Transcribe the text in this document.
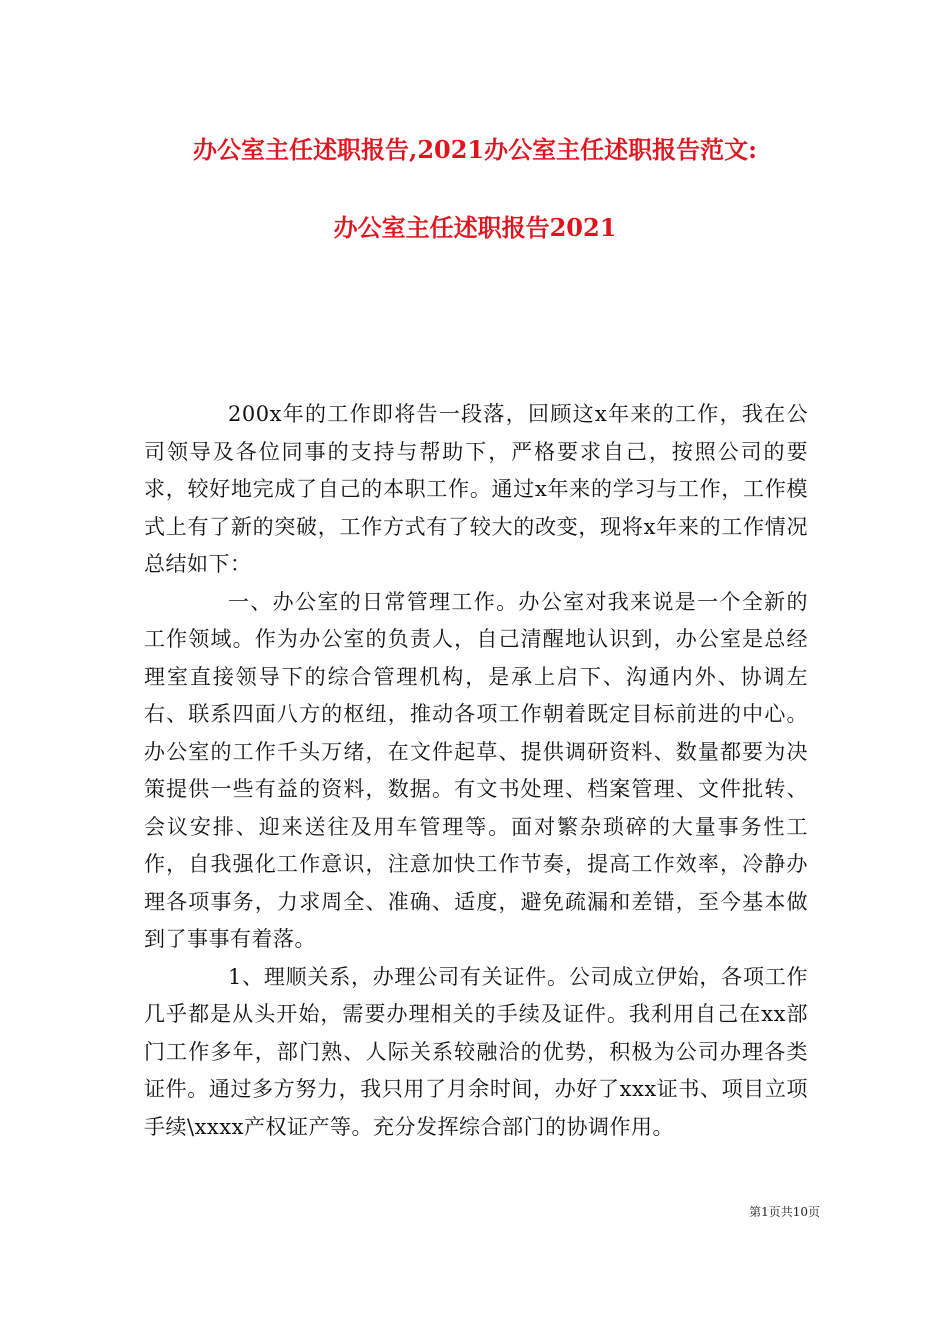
办公室主任述职报告,2021办公室主任述职报告范文:
办公室主任述职报告2021

200x年的工作即将告一段落，回顾这x年来的工作，我在公司领导及各位同事的支持与帮助下，严格要求自己，按照公司的要求，较好地完成了自己的本职工作。通过x年来的学习与工作，工作模式上有了新的突破，工作方式有了较大的改变，现将x年来的工作情况总结如下：

一、办公室的日常管理工作。办公室对我来说是一个全新的工作领域。作为办公室的负责人，自己清醒地认识到，办公室是总经理室直接领导下的综合管理机构，是承上启下、沟通内外、协调左右、联系四面八方的枢纽，推动各项工作朝着既定目标前进的中心。办公室的工作千头万绪，在文件起草、提供调研资料、数量都要为决策提供一些有益的资料，数据。有文书处理、档案管理、文件批转、会议安排、迎来送往及用车管理等。面对繁杂琐碎的大量事务性工作，自我强化工作意识，注意加快工作节奏，提高工作效率，冷静办理各项事务，力求周全、准确、适度，避免疏漏和差错，至今基本做到了事事有着落。

1、理顺关系，办理公司有关证件。公司成立伊始，各项工作几乎都是从头开始，需要办理相关的手续及证件。我利用自己在xx部门工作多年，部门熟、人际关系较融洽的优势，积极为公司办理各类证件。通过多方努力，我只用了月余时间，办好了xxx证书、项目立项手续\xxxx产权证产等。充分发挥综合部门的协调作用。

第1页共10页
